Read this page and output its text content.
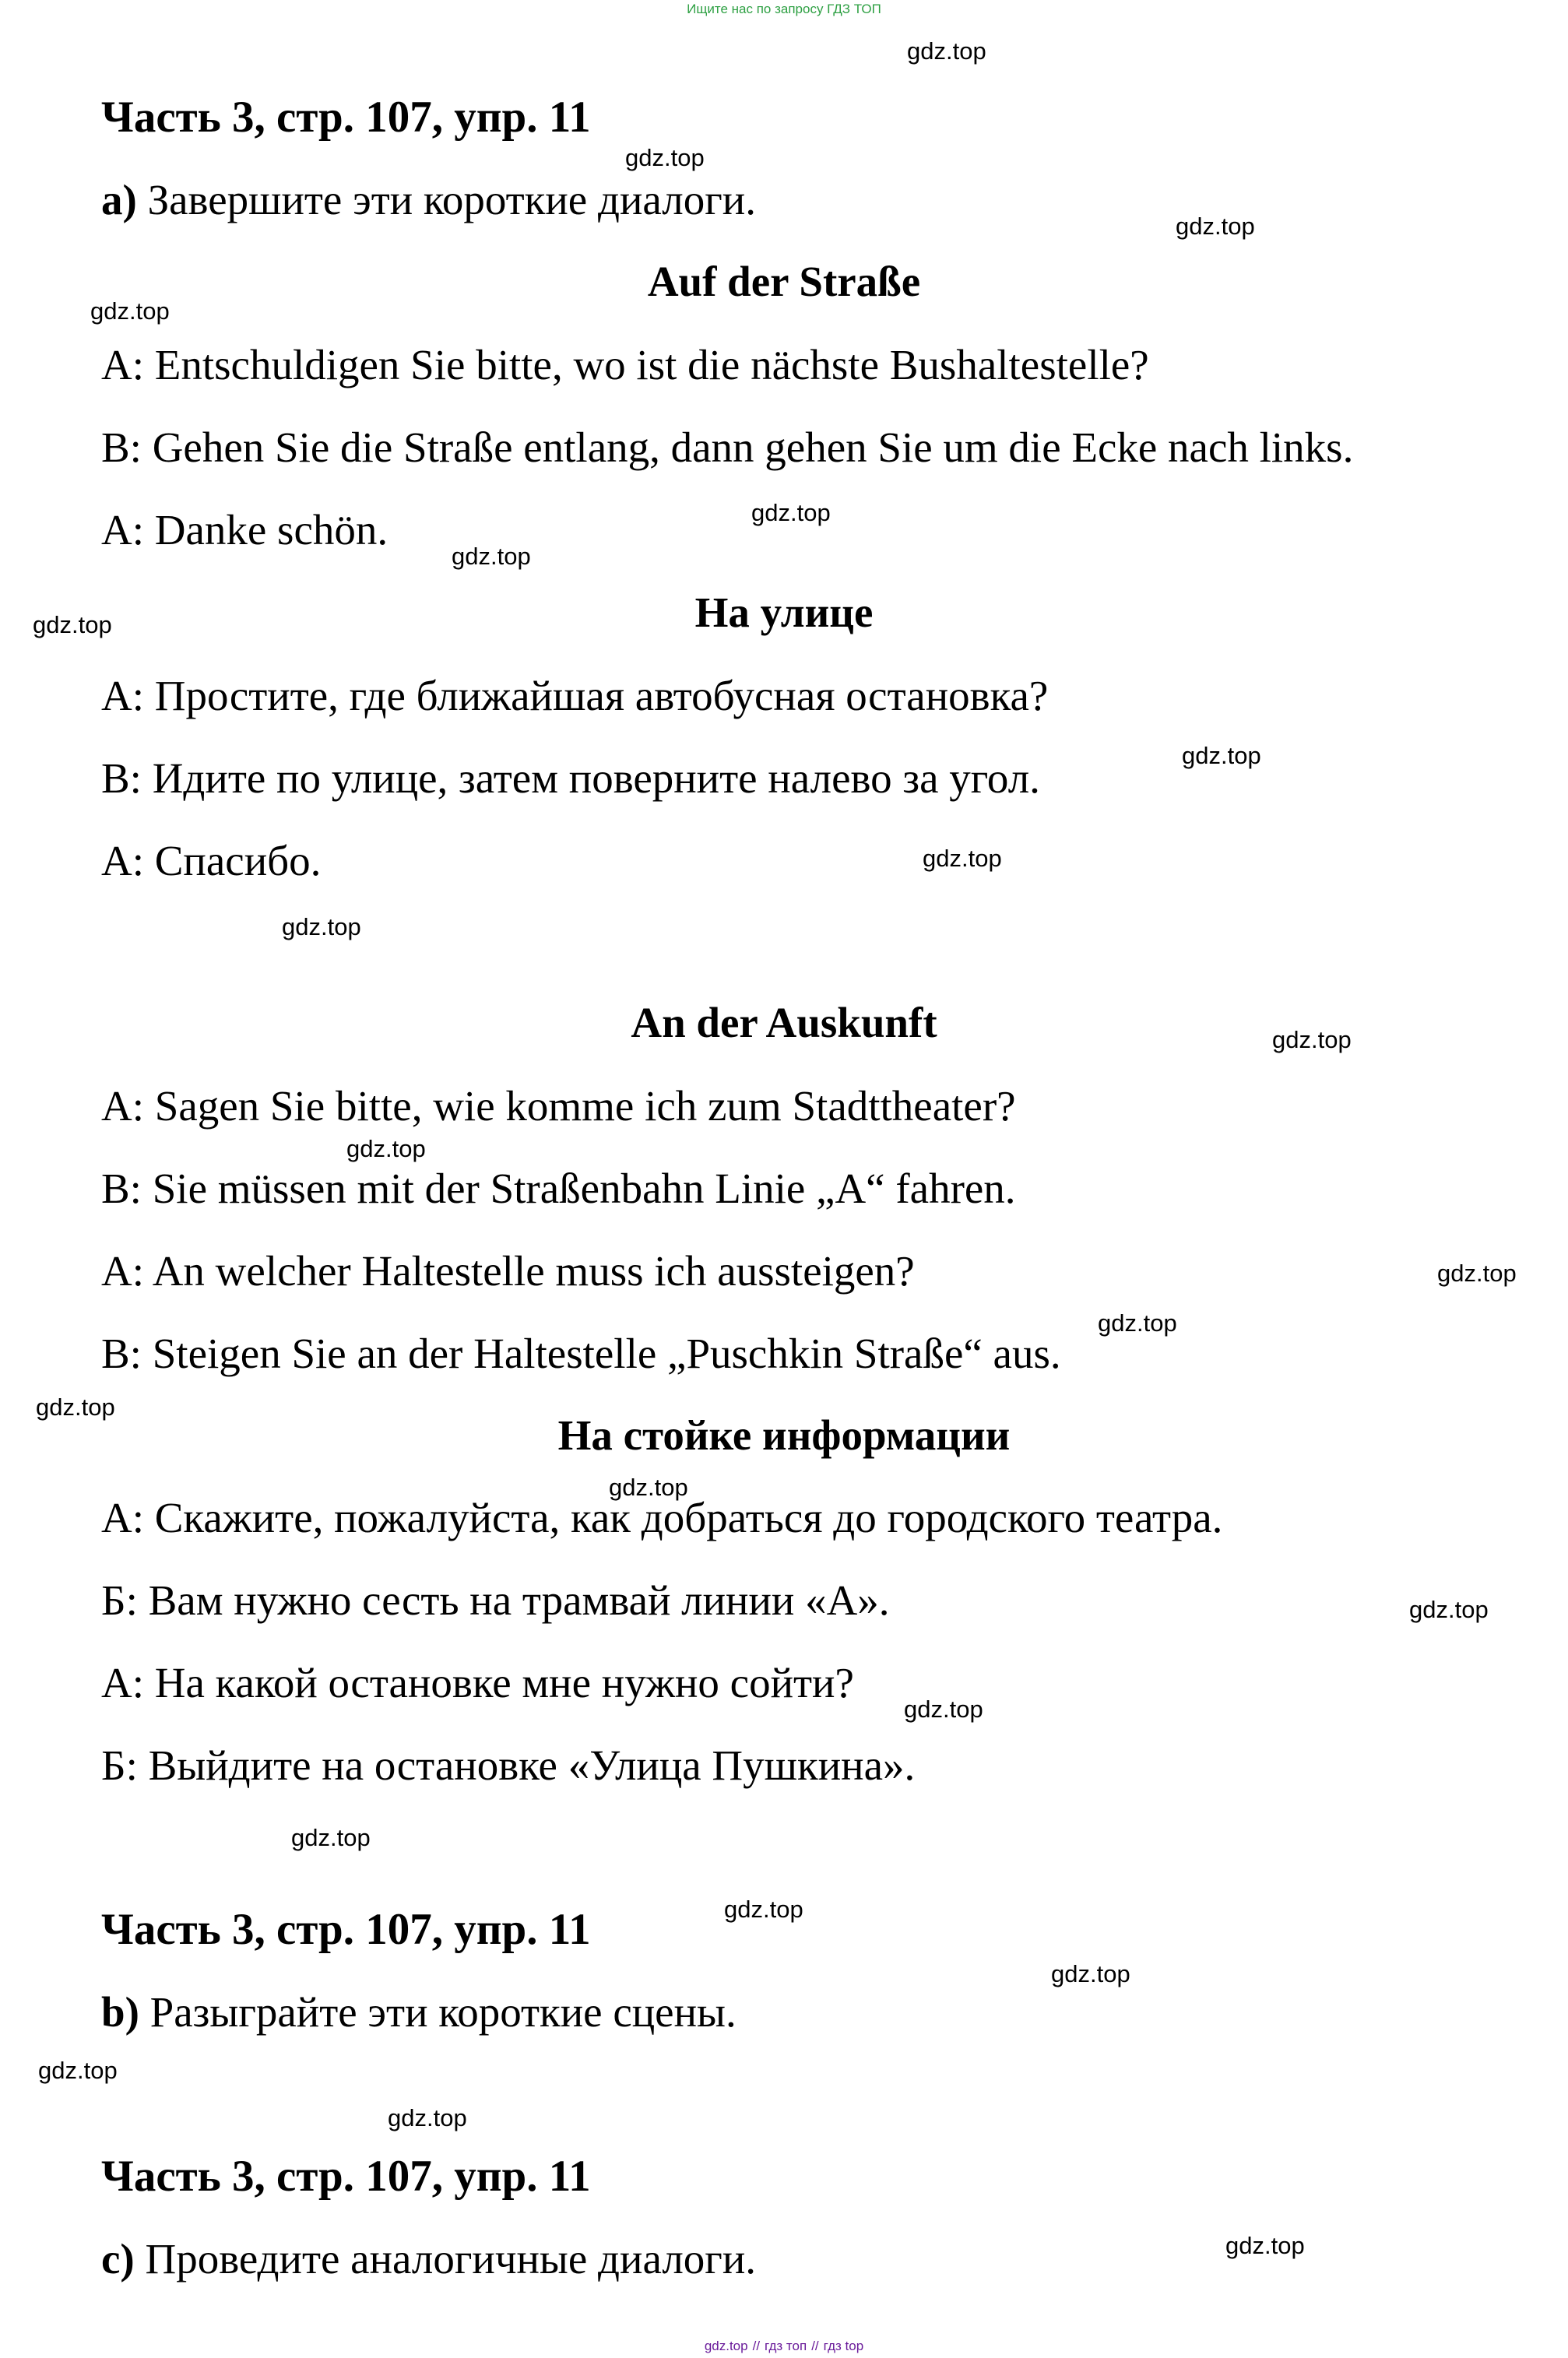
Ищите нас по запросу ГДЗ ТОП
Часть 3, стр. 107, упр. 11
a) Завершите эти короткие диалоги.
Auf der Straße
A: Entschuldigen Sie bitte, wo ist die nächste Bushaltestelle?
B: Gehen Sie die Straße entlang, dann gehen Sie um die Ecke nach links.
A: Danke schön.
На улице
А: Простите, где ближайшая автобусная остановка?
В: Идите по улице, затем поверните налево за угол.
А: Спасибо.
An der Auskunft
A: Sagen Sie bitte, wie komme ich zum Stadttheater?
B: Sie müssen mit der Straßenbahn Linie „A“ fahren.
A: An welcher Haltestelle muss ich aussteigen?
B: Steigen Sie an der Haltestelle „Puschkin Straße“ aus.
На стойке информации
А: Скажите, пожалуйста, как добраться до городского театра.
Б: Вам нужно сесть на трамвай линии «А».
А: На какой остановке мне нужно сойти?
Б: Выйдите на остановке «Улица Пушкина».
Часть 3, стр. 107, упр. 11
b) Разыграйте эти короткие сцены.
Часть 3, стр. 107, упр. 11
c) Проведите аналогичные диалоги.
gdz.top
gdz.top
gdz.top
gdz.top
gdz.top
gdz.top
gdz.top
gdz.top
gdz.top
gdz.top
gdz.top
gdz.top
gdz.top
gdz.top
gdz.top
gdz.top
gdz.top
gdz.top
gdz.top
gdz.top
gdz.top
gdz.top
gdz.top
gdz.top
gdz.top // гдз топ // гдз top
